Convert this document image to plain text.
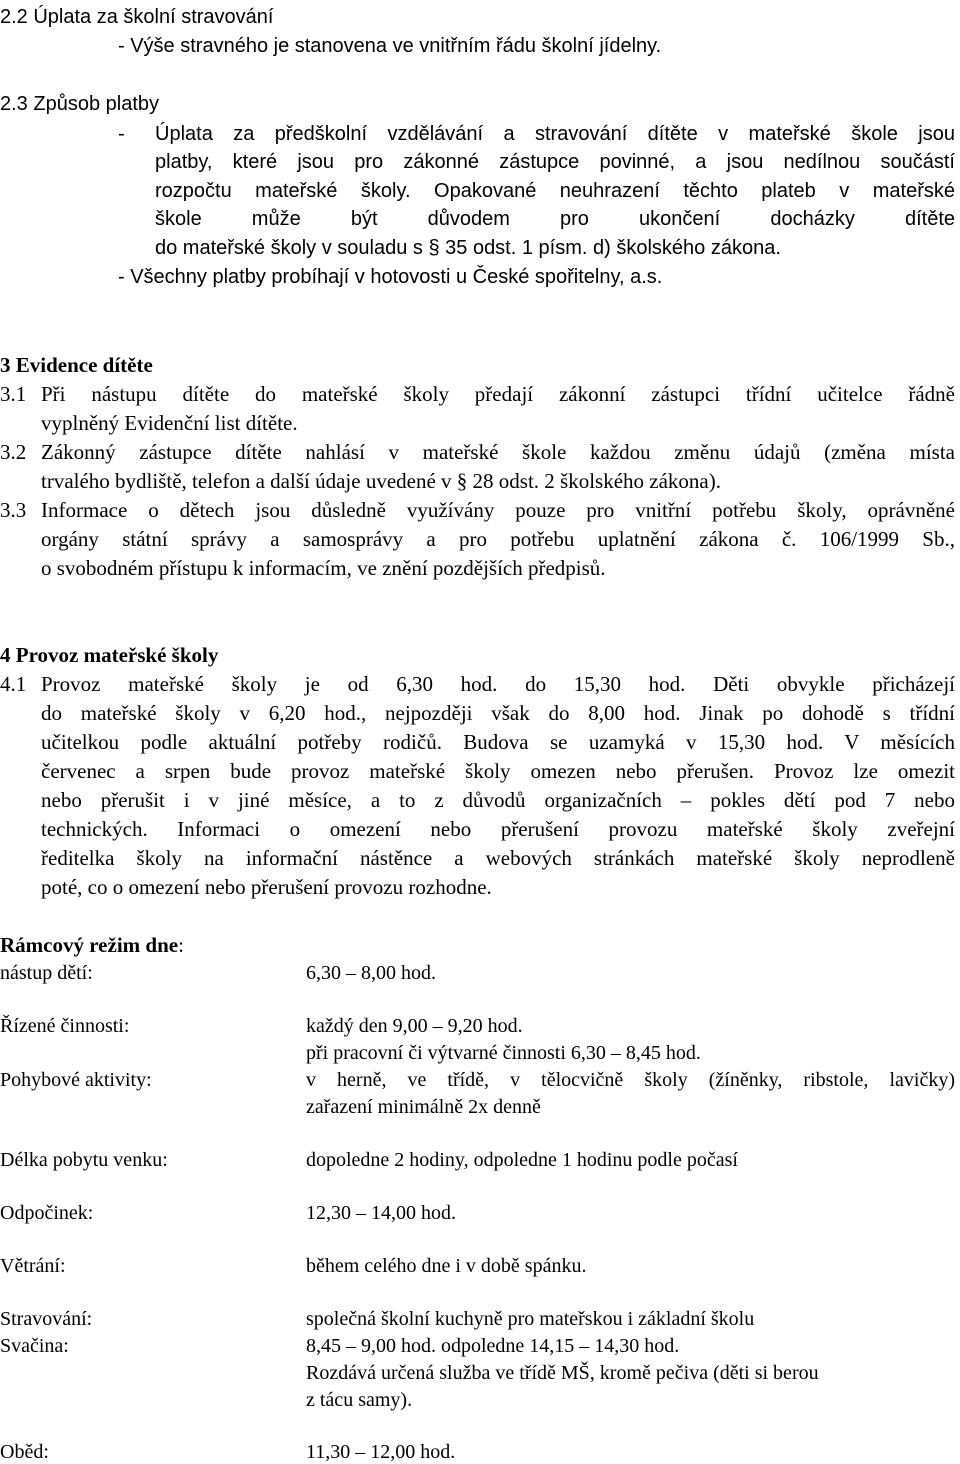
2.2 Úplata za školní stravování
- Výše stravného je stanovena ve vnitřním řádu školní jídelny.
2.3 Způsob platby
- Úplata za předškolní vzdělávání a stravování dítěte v mateřské škole jsou
platby, které jsou pro zákonné zástupce povinné, a jsou nedílnou součástí
rozpočtu mateřské školy. Opakované neuhrazení těchto plateb v mateřské
škole může být důvodem pro ukončení docházky dítěte
do mateřské školy v souladu s § 35 odst. 1 písm. d) školského zákona.
- Všechny platby probíhají v hotovosti u České spořitelny, a.s.
3 Evidence dítěte
3.1 Při nástupu dítěte do mateřské školy předají zákonní zástupci třídní učitelce řádně
vyplněný Evidenční list dítěte.
3.2 Zákonný zástupce dítěte nahlásí v mateřské škole každou změnu údajů (změna místa
trvalého bydliště, telefon a další údaje uvedené v § 28 odst. 2 školského zákona).
3.3 Informace o dětech jsou důsledně využívány pouze pro vnitřní potřebu školy, oprávněné
orgány státní správy a samosprávy a pro potřebu uplatnění zákona č. 106/1999 Sb.,
o svobodném přístupu k informacím, ve znění pozdějších předpisů.
4 Provoz mateřské školy
4.1 Provoz mateřské školy je od 6,30 hod. do 15,30 hod. Děti obvykle přicházejí
do mateřské školy v 6,20 hod., nejpozději však do 8,00 hod. Jinak po dohodě s třídní
učitelkou podle aktuální potřeby rodičů. Budova se uzamyká v 15,30 hod. V měsících
červenec a srpen bude provoz mateřské školy omezen nebo přerušen. Provoz lze omezit
nebo přerušit i v jiné měsíce, a to z důvodů organizačních – pokles dětí pod 7 nebo
technických. Informaci o omezení nebo přerušení provozu mateřské školy zveřejní
ředitelka školy na informační nástěnce a webových stránkách mateřské školy neprodleně
poté, co o omezení nebo přerušení provozu rozhodne.
Rámcový režim dne:
nástup dětí:	6,30 – 8,00 hod.
Řízené činnosti:	každý den 9,00 – 9,20 hod.
při pracovní či výtvarné činnosti 6,30 – 8,45 hod.
Pohybové aktivity:	v herně, ve třídě, v tělocvičně školy (žíněnky, ribstole, lavičky)
zařazení minimálně 2x denně
Délka pobytu venku:	dopoledne 2 hodiny, odpoledne 1 hodinu podle počasí
Odpočinek:	12,30 – 14,00 hod.
Větrání:	během celého dne i v době spánku.
Stravování:	společná školní kuchyně pro mateřskou i základní školu
Svačina:	8,45 – 9,00 hod. odpoledne 14,15 – 14,30 hod.
Rozdává určená služba ve třídě MŠ, kromě pečiva (děti si berou
z tácu samy).
Oběd:	11,30 – 12,00 hod.
